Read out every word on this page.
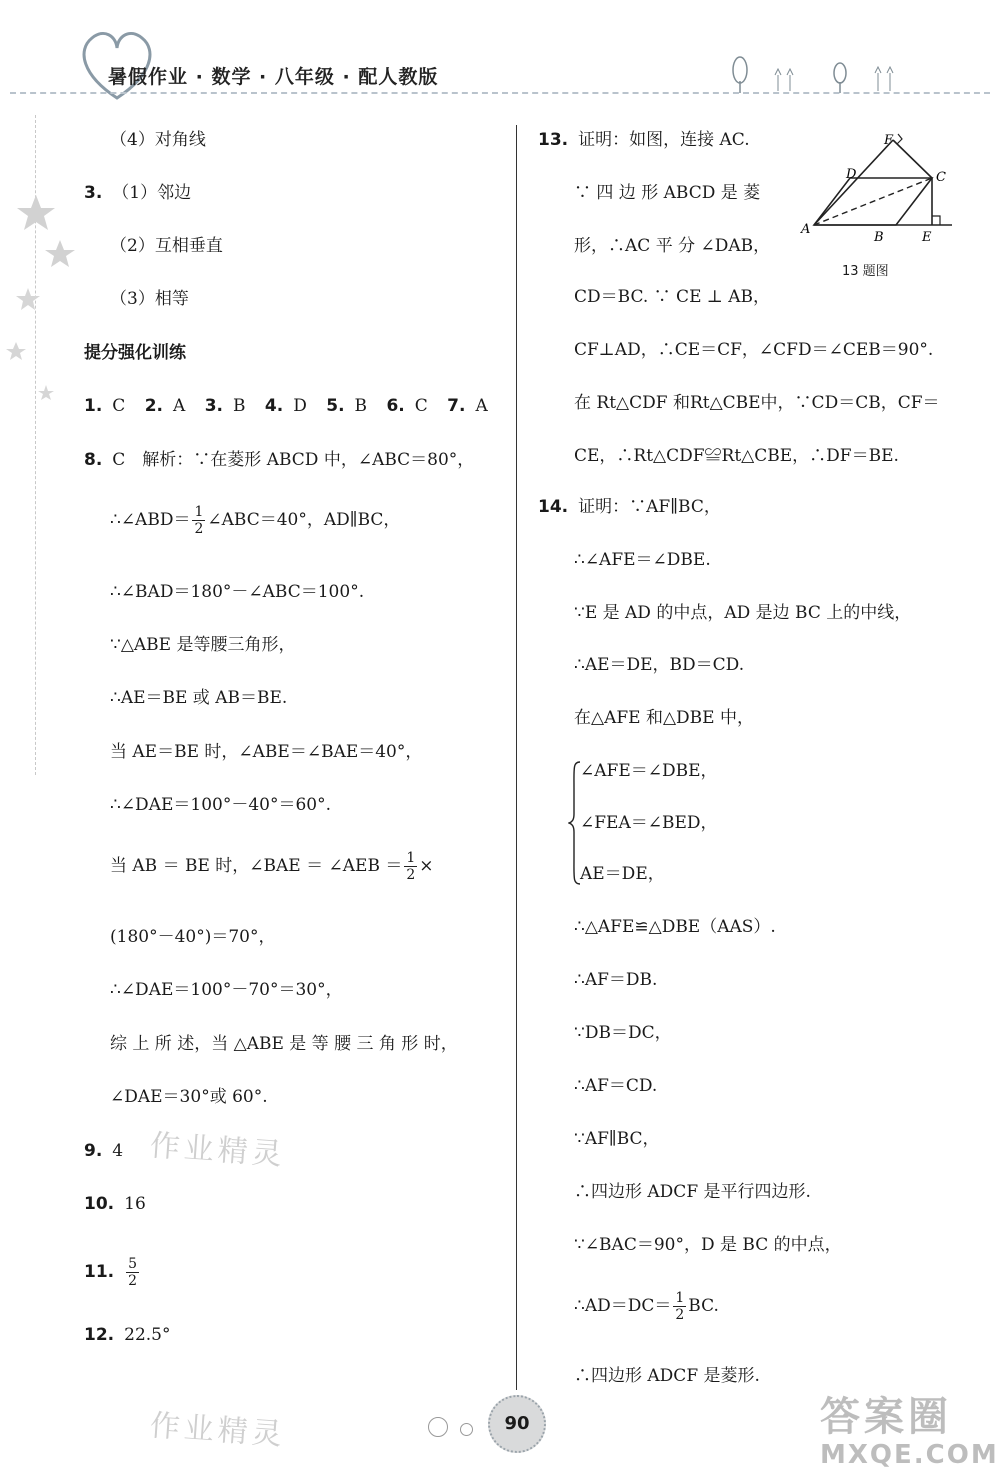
暑假作业 · 数学 · 八年级 · 配人教版
（4）对角线
3. （1）邻边
（2）互相垂直
（3）相等
提分强化训练
1. C 2. A 3. B 4. D 5. B 6. C 7. A
8. C　解析：∵在菱形 ABCD 中，∠ABC＝80°，
∴∠ABD＝ $\frac{1}{2}$ ∠ABC＝40°，AD∥BC，
∴∠BAD＝180°－∠ABC＝100°.
∵△ABE 是等腰三角形，
∴AE＝BE 或 AB＝BE.
当 AE＝BE 时，∠ABE＝∠BAE＝40°，
∴∠DAE＝100°－40°＝60°.
当 AB ＝ BE 时，∠BAE ＝ ∠AEB ＝ $\frac{1}{2}$ ×
(180°－40°)＝70°，
∴∠DAE＝100°－70°＝30°，
综 上 所 述，当 △ABE 是 等 腰 三 角 形 时，
∠DAE＝30°或 60°.
9. 4
10. 16
11. $\frac{5}{2}$
12. 22.5°
13. 证明：如图，连接 AC.
∵ 四 边 形 ABCD 是 菱
形，∴AC 平 分 ∠DAB，
CD＝BC. ∵ CE ⊥ AB，
CF⊥AD，∴CE＝CF，∠CFD＝∠CEB＝90°.
在 Rt△CDF 和Rt△CBE中，∵CD＝CB，CF＝
CE，∴Rt△CDF≌Rt△CBE，∴DF＝BE.
F
D	C
A
B	E
13 题图
14. 证明：∵AF∥BC，
∴∠AFE＝∠DBE.
∵E 是 AD 的中点，AD 是边 BC 上的中线，
∴AE＝DE，BD＝CD.
在△AFE 和△DBE 中，
∠AFE＝∠DBE，
∠FEA＝∠BED，
AE＝DE，
∴△AFE≌△DBE（AAS）.
∴AF＝DB.
∵DB＝DC，
∴AF＝CD.
∵AF∥BC，
∴四边形 ADCF 是平行四边形.
∵∠BAC＝90°，D 是 BC 的中点，
∴AD＝DC＝ $\frac{1}{2}$ BC.
∴四边形 ADCF 是菱形.
作业精灵
作业精灵	90	答案圈
MXQE.COM
